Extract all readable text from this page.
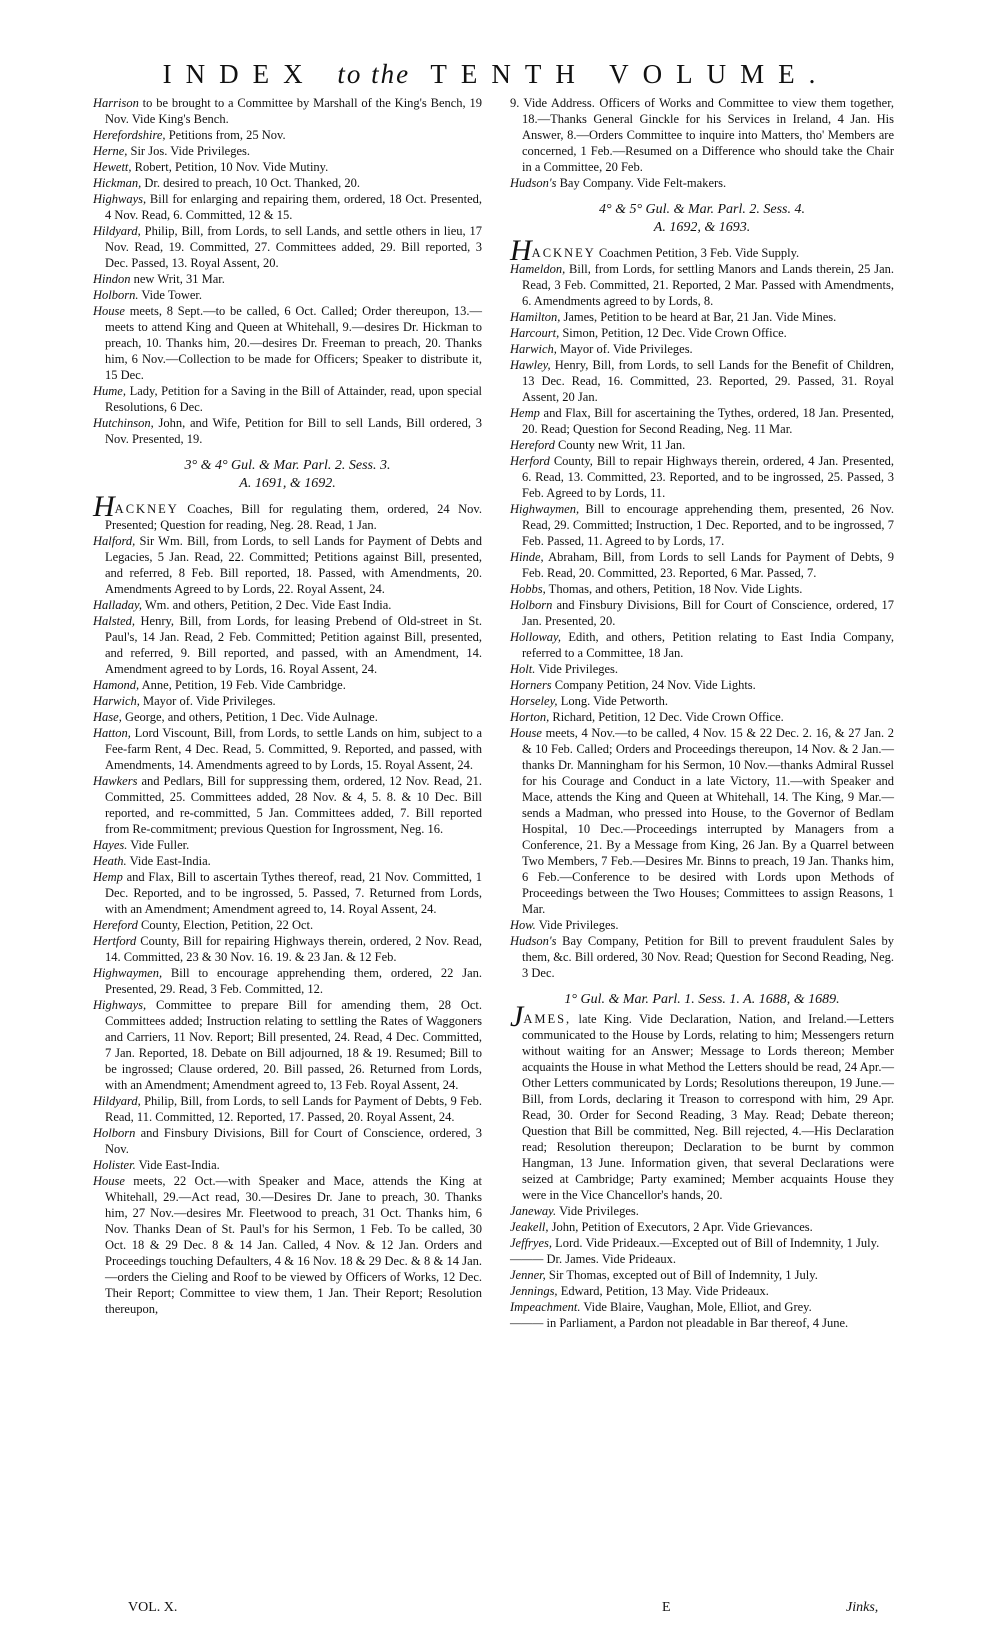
INDEX to the TENTH VOLUME.

Harrison to be brought to a Committee by Marshall of the King's Bench, 19 Nov. Vide King's Bench.

Herefordshire, Petitions from, 25 Nov.

Herne, Sir Jos. Vide Privileges.

Hewett, Robert, Petition, 10 Nov. Vide Mutiny.

Hickman, Dr. desired to preach, 10 Oct. Thanked, 20.

Highways, Bill for enlarging and repairing them, ordered, 18 Oct. Presented, 4 Nov. Read, 6. Committed, 12 & 15.

Hildyard, Philip, Bill, from Lords, to sell Lands, and settle others in lieu, 17 Nov. Read, 19. Committed, 27. Committees added, 29. Bill reported, 3 Dec. Passed, 13. Royal Assent, 20.

Hindon new Writ, 31 Mar.

Holborn. Vide Tower.

House meets, 8 Sept.—to be called, 6 Oct. Called; Order thereupon, 13.—meets to attend King and Queen at Whitehall, 9.—desires Dr. Hickman to preach, 10. Thanks him, 20.—desires Dr. Freeman to preach, 20. Thanks him, 6 Nov.—Collection to be made for Officers; Speaker to distribute it, 15 Dec.

Hume, Lady, Petition for a Saving in the Bill of Attainder, read, upon special Resolutions, 6 Dec.

Hutchinson, John, and Wife, Petition for Bill to sell Lands, Bill ordered, 3 Nov. Presented, 19.

3° & 4° Gul. & Mar. Parl. 2. Sess. 3.

A. 1691, & 1692.

HACKNEY Coaches, Bill for regulating them, ordered, 24 Nov. Presented; Question for reading, Neg. 28. Read, 1 Jan.

Halford, Sir Wm. Bill, from Lords, to sell Lands for Payment of Debts and Legacies, 5 Jan. Read, 22. Committed; Petitions against Bill, presented, and referred, 8 Feb. Bill reported, 18. Passed, with Amendments, 20. Amendments Agreed to by Lords, 22. Royal Assent, 24.

Halladay, Wm. and others, Petition, 2 Dec. Vide East India.

Halsted, Henry, Bill, from Lords, for leasing Prebend of Old-street in St. Paul's, 14 Jan. Read, 2 Feb. Committed; Petition against Bill, presented, and referred, 9. Bill reported, and passed, with an Amendment, 14. Amendment agreed to by Lords, 16. Royal Assent, 24.

Hamond, Anne, Petition, 19 Feb. Vide Cambridge.

Harwich, Mayor of. Vide Privileges.

Hase, George, and others, Petition, 1 Dec. Vide Aulnage.

Hatton, Lord Viscount, Bill, from Lords, to settle Lands on him, subject to a Fee-farm Rent, 4 Dec. Read, 5. Committed, 9. Reported, and passed, with Amendments, 14. Amendments agreed to by Lords, 15. Royal Assent, 24.

Hawkers and Pedlars, Bill for suppressing them, ordered, 12 Nov. Read, 21. Committed, 25. Committees added, 28 Nov. & 4, 5. 8. & 10 Dec. Bill reported, and re-committed, 5 Jan. Committees added, 7. Bill reported from Re-commitment; previous Question for Ingrossment, Neg. 16.

Hayes. Vide Fuller.

Heath. Vide East-India.

Hemp and Flax, Bill to ascertain Tythes thereof, read, 21 Nov. Committed, 1 Dec. Reported, and to be ingrossed, 5. Passed, 7. Returned from Lords, with an Amendment; Amendment agreed to, 14. Royal Assent, 24.

Hereford County, Election, Petition, 22 Oct.

Hertford County, Bill for repairing Highways therein, ordered, 2 Nov. Read, 14. Committed, 23 & 30 Nov. 16. 19. & 23 Jan. & 12 Feb.

Highwaymen, Bill to encourage apprehending them, ordered, 22 Jan. Presented, 29. Read, 3 Feb. Committed, 12.

Highways, Committee to prepare Bill for amending them, 28 Oct. Committees added; Instruction relating to settling the Rates of Waggoners and Carriers, 11 Nov. Report; Bill presented, 24. Read, 4 Dec. Committed, 7 Jan. Reported, 18. Debate on Bill adjourned, 18 & 19. Resumed; Bill to be ingrossed; Clause ordered, 20. Bill passed, 26. Returned from Lords, with an Amendment; Amendment agreed to, 13 Feb. Royal Assent, 24.

Hildyard, Philip, Bill, from Lords, to sell Lands for Payment of Debts, 9 Feb. Read, 11. Committed, 12. Reported, 17. Passed, 20. Royal Assent, 24.

Holborn and Finsbury Divisions, Bill for Court of Conscience, ordered, 3 Nov.

Holister. Vide East-India.

House meets, 22 Oct.—with Speaker and Mace, attends the King at Whitehall, 29.—Act read, 30.—Desires Dr. Jane to preach, 30. Thanks him, 27 Nov.—desires Mr. Fleetwood to preach, 31 Oct. Thanks him, 6 Nov. Thanks Dean of St. Paul's for his Sermon, 1 Feb. To be called, 30 Oct. 18 & 29 Dec. 8 & 14 Jan. Called, 4 Nov. & 12 Jan. Orders and Proceedings touching Defaulters, 4 & 16 Nov. 18 & 29 Dec. & 8 & 14 Jan.—orders the Cieling and Roof to be viewed by Officers of Works, 12 Dec. Their Report; Committee to view them, 1 Jan. Their Report; Resolution thereupon,

9. Vide Address. Officers of Works and Committee to view them together, 18.—Thanks General Ginckle for his Services in Ireland, 4 Jan. His Answer, 8.—Orders Committee to inquire into Matters, tho' Members are concerned, 1 Feb.—Resumed on a Difference who should take the Chair in a Committee, 20 Feb.

Hudson's Bay Company. Vide Felt-makers.

4° & 5° Gul. & Mar. Parl. 2. Sess. 4.

A. 1692, & 1693.

HACKNEY Coachmen Petition, 3 Feb. Vide Supply.

Hameldon, Bill, from Lords, for settling Manors and Lands therein, 25 Jan. Read, 3 Feb. Committed, 21. Reported, 2 Mar. Passed with Amendments, 6. Amendments agreed to by Lords, 8.

Hamilton, James, Petition to be heard at Bar, 21 Jan. Vide Mines.

Harcourt, Simon, Petition, 12 Dec. Vide Crown Office.

Harwich, Mayor of. Vide Privileges.

Hawley, Henry, Bill, from Lords, to sell Lands for the Benefit of Children, 13 Dec. Read, 16. Committed, 23. Reported, 29. Passed, 31. Royal Assent, 20 Jan.

Hemp and Flax, Bill for ascertaining the Tythes, ordered, 18 Jan. Presented, 20. Read; Question for Second Reading, Neg. 11 Mar.

Hereford County new Writ, 11 Jan.

Herford County, Bill to repair Highways therein, ordered, 4 Jan. Presented, 6. Read, 13. Committed, 23. Reported, and to be ingrossed, 25. Passed, 3 Feb. Agreed to by Lords, 11.

Highwaymen, Bill to encourage apprehending them, presented, 26 Nov. Read, 29. Committed; Instruction, 1 Dec. Reported, and to be ingrossed, 7 Feb. Passed, 11. Agreed to by Lords, 17.

Hinde, Abraham, Bill, from Lords to sell Lands for Payment of Debts, 9 Feb. Read, 20. Committed, 23. Reported, 6 Mar. Passed, 7.

Hobbs, Thomas, and others, Petition, 18 Nov. Vide Lights.

Holborn and Finsbury Divisions, Bill for Court of Conscience, ordered, 17 Jan. Presented, 20.

Holloway, Edith, and others, Petition relating to East India Company, referred to a Committee, 18 Jan.

Holt. Vide Privileges.

Horners Company Petition, 24 Nov. Vide Lights.

Horseley, Long. Vide Petworth.

Horton, Richard, Petition, 12 Dec. Vide Crown Office.

House meets, 4 Nov.—to be called, 4 Nov. 15 & 22 Dec. 2. 16, & 27 Jan. 2 & 10 Feb. Called; Orders and Proceedings thereupon, 14 Nov. & 2 Jan.—thanks Dr. Manningham for his Sermon, 10 Nov.—thanks Admiral Russel for his Courage and Conduct in a late Victory, 11.—with Speaker and Mace, attends the King and Queen at Whitehall, 14. The King, 9 Mar.—sends a Madman, who pressed into House, to the Governor of Bedlam Hospital, 10 Dec.—Proceedings interrupted by Managers from a Conference, 21. By a Message from King, 26 Jan. By a Quarrel between Two Members, 7 Feb.—Desires Mr. Binns to preach, 19 Jan. Thanks him, 6 Feb.—Conference to be desired with Lords upon Methods of Proceedings between the Two Houses; Committees to assign Reasons, 1 Mar.

How. Vide Privileges.

Hudson's Bay Company, Petition for Bill to prevent fraudulent Sales by them, &c. Bill ordered, 30 Nov. Read; Question for Second Reading, Neg. 3 Dec.

1° Gul. & Mar. Parl. 1. Sess. 1. A. 1688, & 1689.

JAMES, late King. Vide Declaration, Nation, and Ireland.—Letters communicated to the House by Lords, relating to him; Messengers return without waiting for an Answer; Message to Lords thereon; Member acquaints the House in what Method the Letters should be read, 24 Apr.—Other Letters communicated by Lords; Resolutions thereupon, 19 June.—Bill, from Lords, declaring it Treason to correspond with him, 29 Apr. Read, 30. Order for Second Reading, 3 May. Read; Debate thereon; Question that Bill be committed, Neg. Bill rejected, 4.—His Declaration read; Resolution thereupon; Declaration to be burnt by common Hangman, 13 June. Information given, that several Declarations were seized at Cambridge; Party examined; Member acquaints House they were in the Vice Chancellor's hands, 20.

Janeway. Vide Privileges.

Jeakell, John, Petition of Executors, 2 Apr. Vide Grievances.

Jeffryes, Lord. Vide Prideaux.—Excepted out of Bill of Indemnity, 1 July.

——— Dr. James. Vide Prideaux.

Jenner, Sir Thomas, excepted out of Bill of Indemnity, 1 July.

Jennings, Edward, Petition, 13 May. Vide Prideaux.

Impeachment. Vide Blaire, Vaughan, Mole, Elliot, and Grey.

——— in Parliament, a Pardon not pleadable in Bar thereof, 4 June.

VOL. X.	E	Jinks,
